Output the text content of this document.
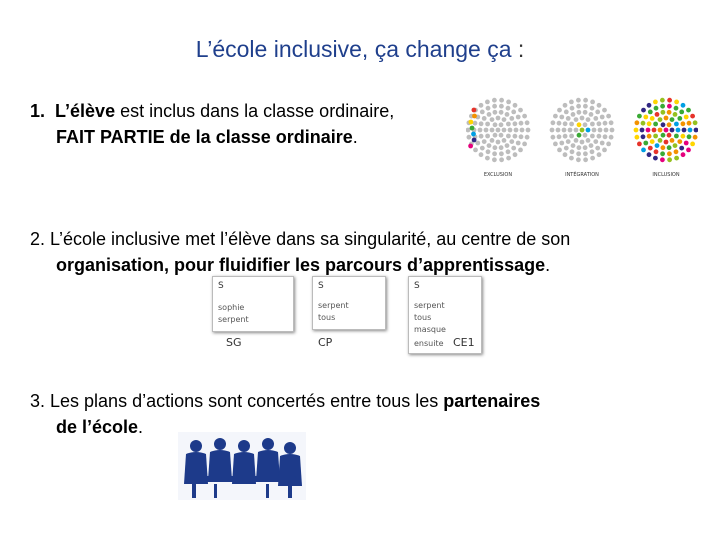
L’école inclusive, ça change ça :
1. L’élève est inclus dans la classe ordinaire,
FAIT PARTIE de la classe ordinaire.
EXCLUSION	INTÉGRATION	INCLUSION
2. L’école inclusive met l’élève dans sa singularité, au centre de son
organisation, pour fluidifier les parcours d’apprentissage.
S
sophie
serpent
S
serpent
tous
S
serpent
tous
masque
ensuite
SG	CP	CE1
3. Les plans d’actions sont concertés entre tous les partenaires
de l’école.
